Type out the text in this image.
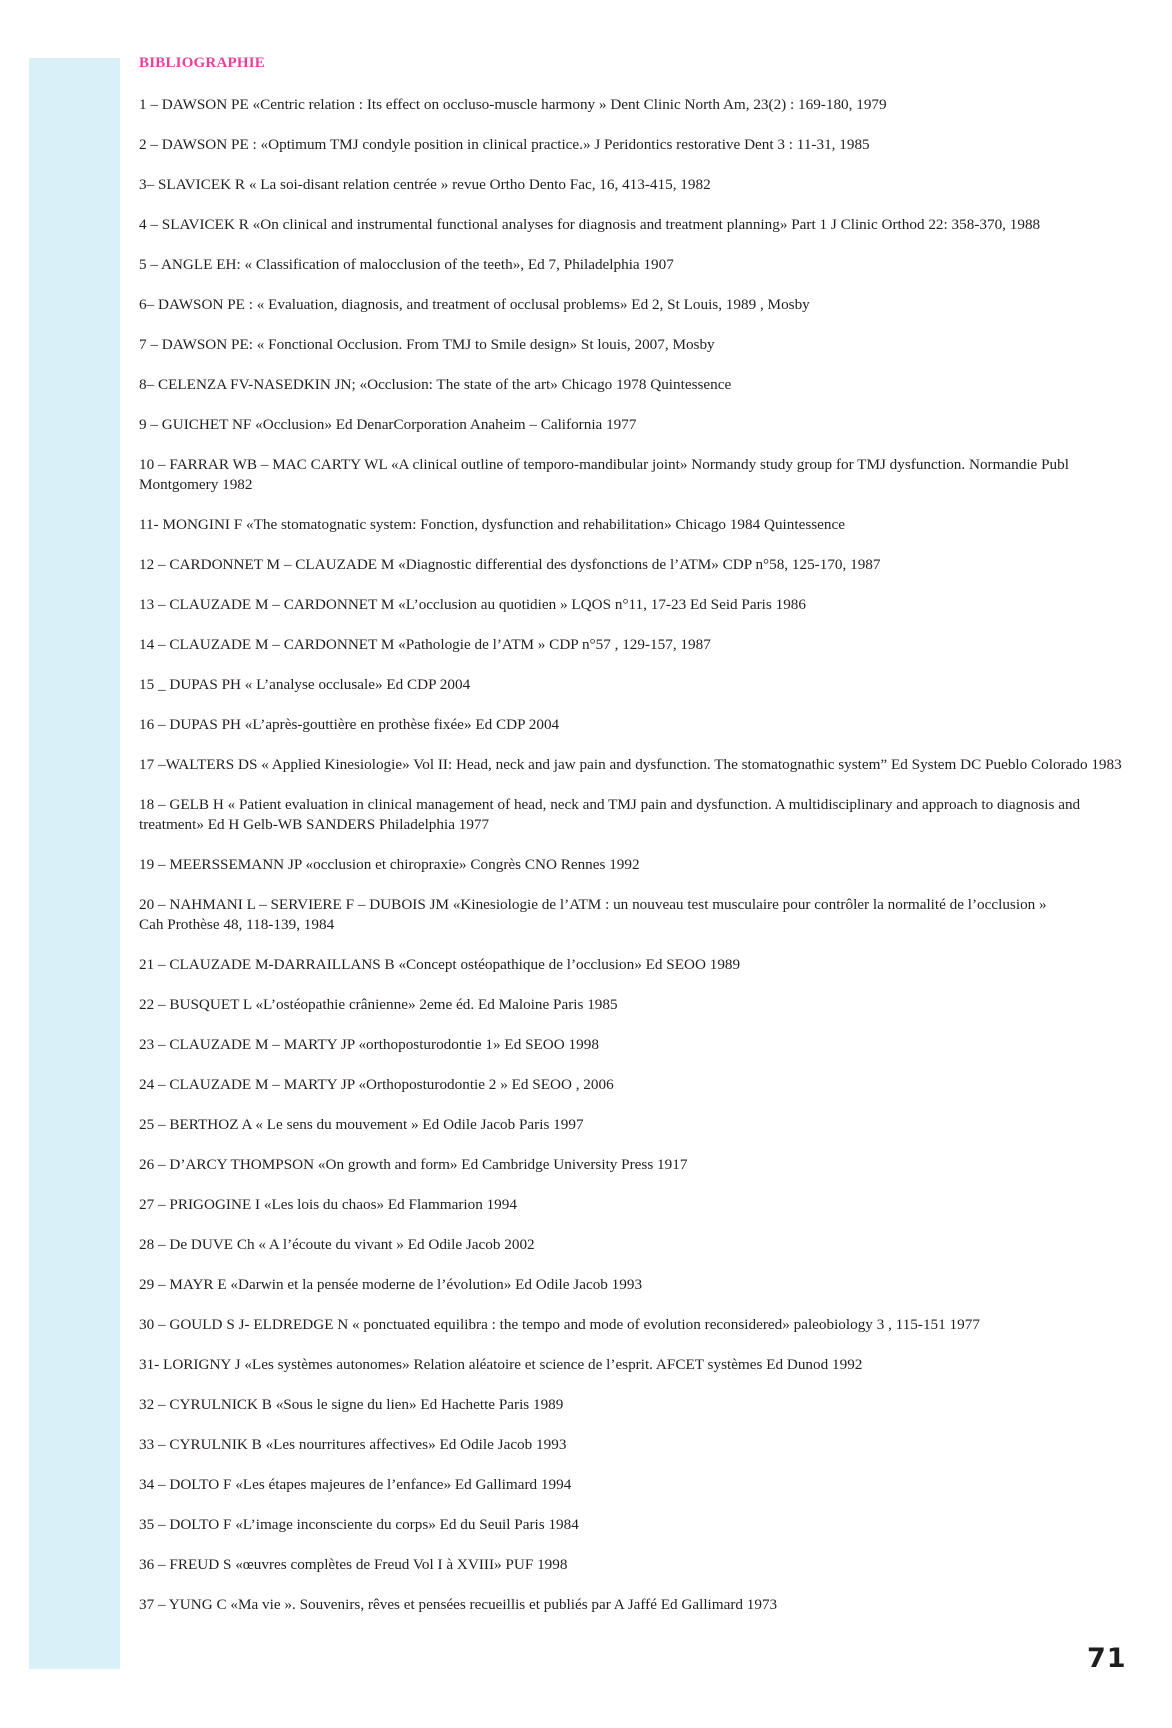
BIBLIOGRAPHIE
1 – DAWSON PE «Centric relation : Its effect on occluso-muscle harmony » Dent Clinic North Am, 23(2) : 169-180, 1979
2 – DAWSON PE : «Optimum TMJ condyle position in clinical practice.» J Peridontics restorative Dent 3 : 11-31, 1985
3– SLAVICEK R « La soi-disant relation centrée » revue Ortho Dento Fac, 16, 413-415, 1982
4 – SLAVICEK R «On clinical and instrumental functional analyses for diagnosis and treatment planning» Part 1 J Clinic Orthod 22: 358-370, 1988
5 – ANGLE EH: « Classification of malocclusion of the teeth», Ed 7, Philadelphia 1907
6– DAWSON PE : « Evaluation, diagnosis, and treatment of occlusal problems» Ed 2, St Louis, 1989 , Mosby
7 – DAWSON PE: « Fonctional Occlusion. From TMJ to Smile design» St louis, 2007, Mosby
8– CELENZA FV-NASEDKIN JN; «Occlusion: The state of the art» Chicago 1978 Quintessence
9 – GUICHET NF «Occlusion» Ed DenarCorporation Anaheim – California 1977
10 – FARRAR WB – MAC CARTY WL «A clinical outline of temporo-mandibular joint» Normandy study group for TMJ dysfunction. Normandie Publ Montgomery 1982
11- MONGINI F «The stomatognatic system: Fonction, dysfunction and rehabilitation» Chicago 1984 Quintessence
12 – CARDONNET M – CLAUZADE M «Diagnostic differential des dysfonctions de l’ATM» CDP n°58, 125-170, 1987
13 – CLAUZADE M – CARDONNET M «L’occlusion au quotidien » LQOS n°11, 17-23 Ed Seid Paris 1986
14 – CLAUZADE M – CARDONNET M «Pathologie de l’ATM » CDP n°57 , 129-157, 1987
15 _ DUPAS PH « L’analyse occlusale» Ed CDP 2004
16 – DUPAS PH «L’après-gouttière en prothèse fixée» Ed CDP 2004
17 –WALTERS DS « Applied Kinesiologie» Vol II: Head, neck and jaw pain and dysfunction. The stomatognathic system” Ed System DC Pueblo Colorado 1983
18 – GELB H « Patient evaluation in clinical management of head, neck and TMJ pain and dysfunction. A multidisciplinary and approach to diagnosis and treatment» Ed H Gelb-WB SANDERS Philadelphia 1977
19 – MEERSSEMANN JP «occlusion et chiropraxie» Congrès CNO Rennes 1992
20 – NAHMANI L – SERVIERE F – DUBOIS JM «Kinesiologie de l’ATM : un nouveau test musculaire pour contrôler la normalité de l’occlusion »
Cah Prothèse 48, 118-139, 1984
21 – CLAUZADE M-DARRAILLANS B «Concept ostéopathique de l’occlusion» Ed SEOO 1989
22 – BUSQUET L «L’ostéopathie crânienne» 2eme éd. Ed Maloine Paris 1985
23 – CLAUZADE M – MARTY JP «orthoposturodontie 1» Ed SEOO 1998
24 – CLAUZADE M – MARTY JP «Orthoposturodontie 2 » Ed SEOO , 2006
25 – BERTHOZ A « Le sens du mouvement » Ed Odile Jacob Paris 1997
26 – D’ARCY THOMPSON «On growth and form» Ed Cambridge University Press 1917
27 – PRIGOGINE I «Les lois du chaos» Ed Flammarion 1994
28 – De DUVE Ch « A l’écoute du vivant » Ed Odile Jacob 2002
29 – MAYR E «Darwin et la pensée moderne de l’évolution» Ed Odile Jacob 1993
30 – GOULD S J- ELDREDGE N « ponctuated equilibra : the tempo and mode of evolution reconsidered» paleobiology 3 , 115-151 1977
31- LORIGNY J «Les systèmes autonomes» Relation aléatoire et science de l’esprit. AFCET systèmes Ed Dunod 1992
32 – CYRULNICK B «Sous le signe du lien» Ed Hachette Paris 1989
33 – CYRULNIK B «Les nourritures affectives» Ed Odile Jacob 1993
34 – DOLTO F «Les étapes majeures de l’enfance» Ed Gallimard 1994
35 – DOLTO F «L’image inconsciente du corps» Ed du Seuil Paris 1984
36 – FREUD S «œuvres complètes de Freud Vol I à XVIII» PUF 1998
37 – YUNG C «Ma vie ». Souvenirs, rêves et pensées recueillis et publiés par A Jaffé Ed Gallimard 1973
71
